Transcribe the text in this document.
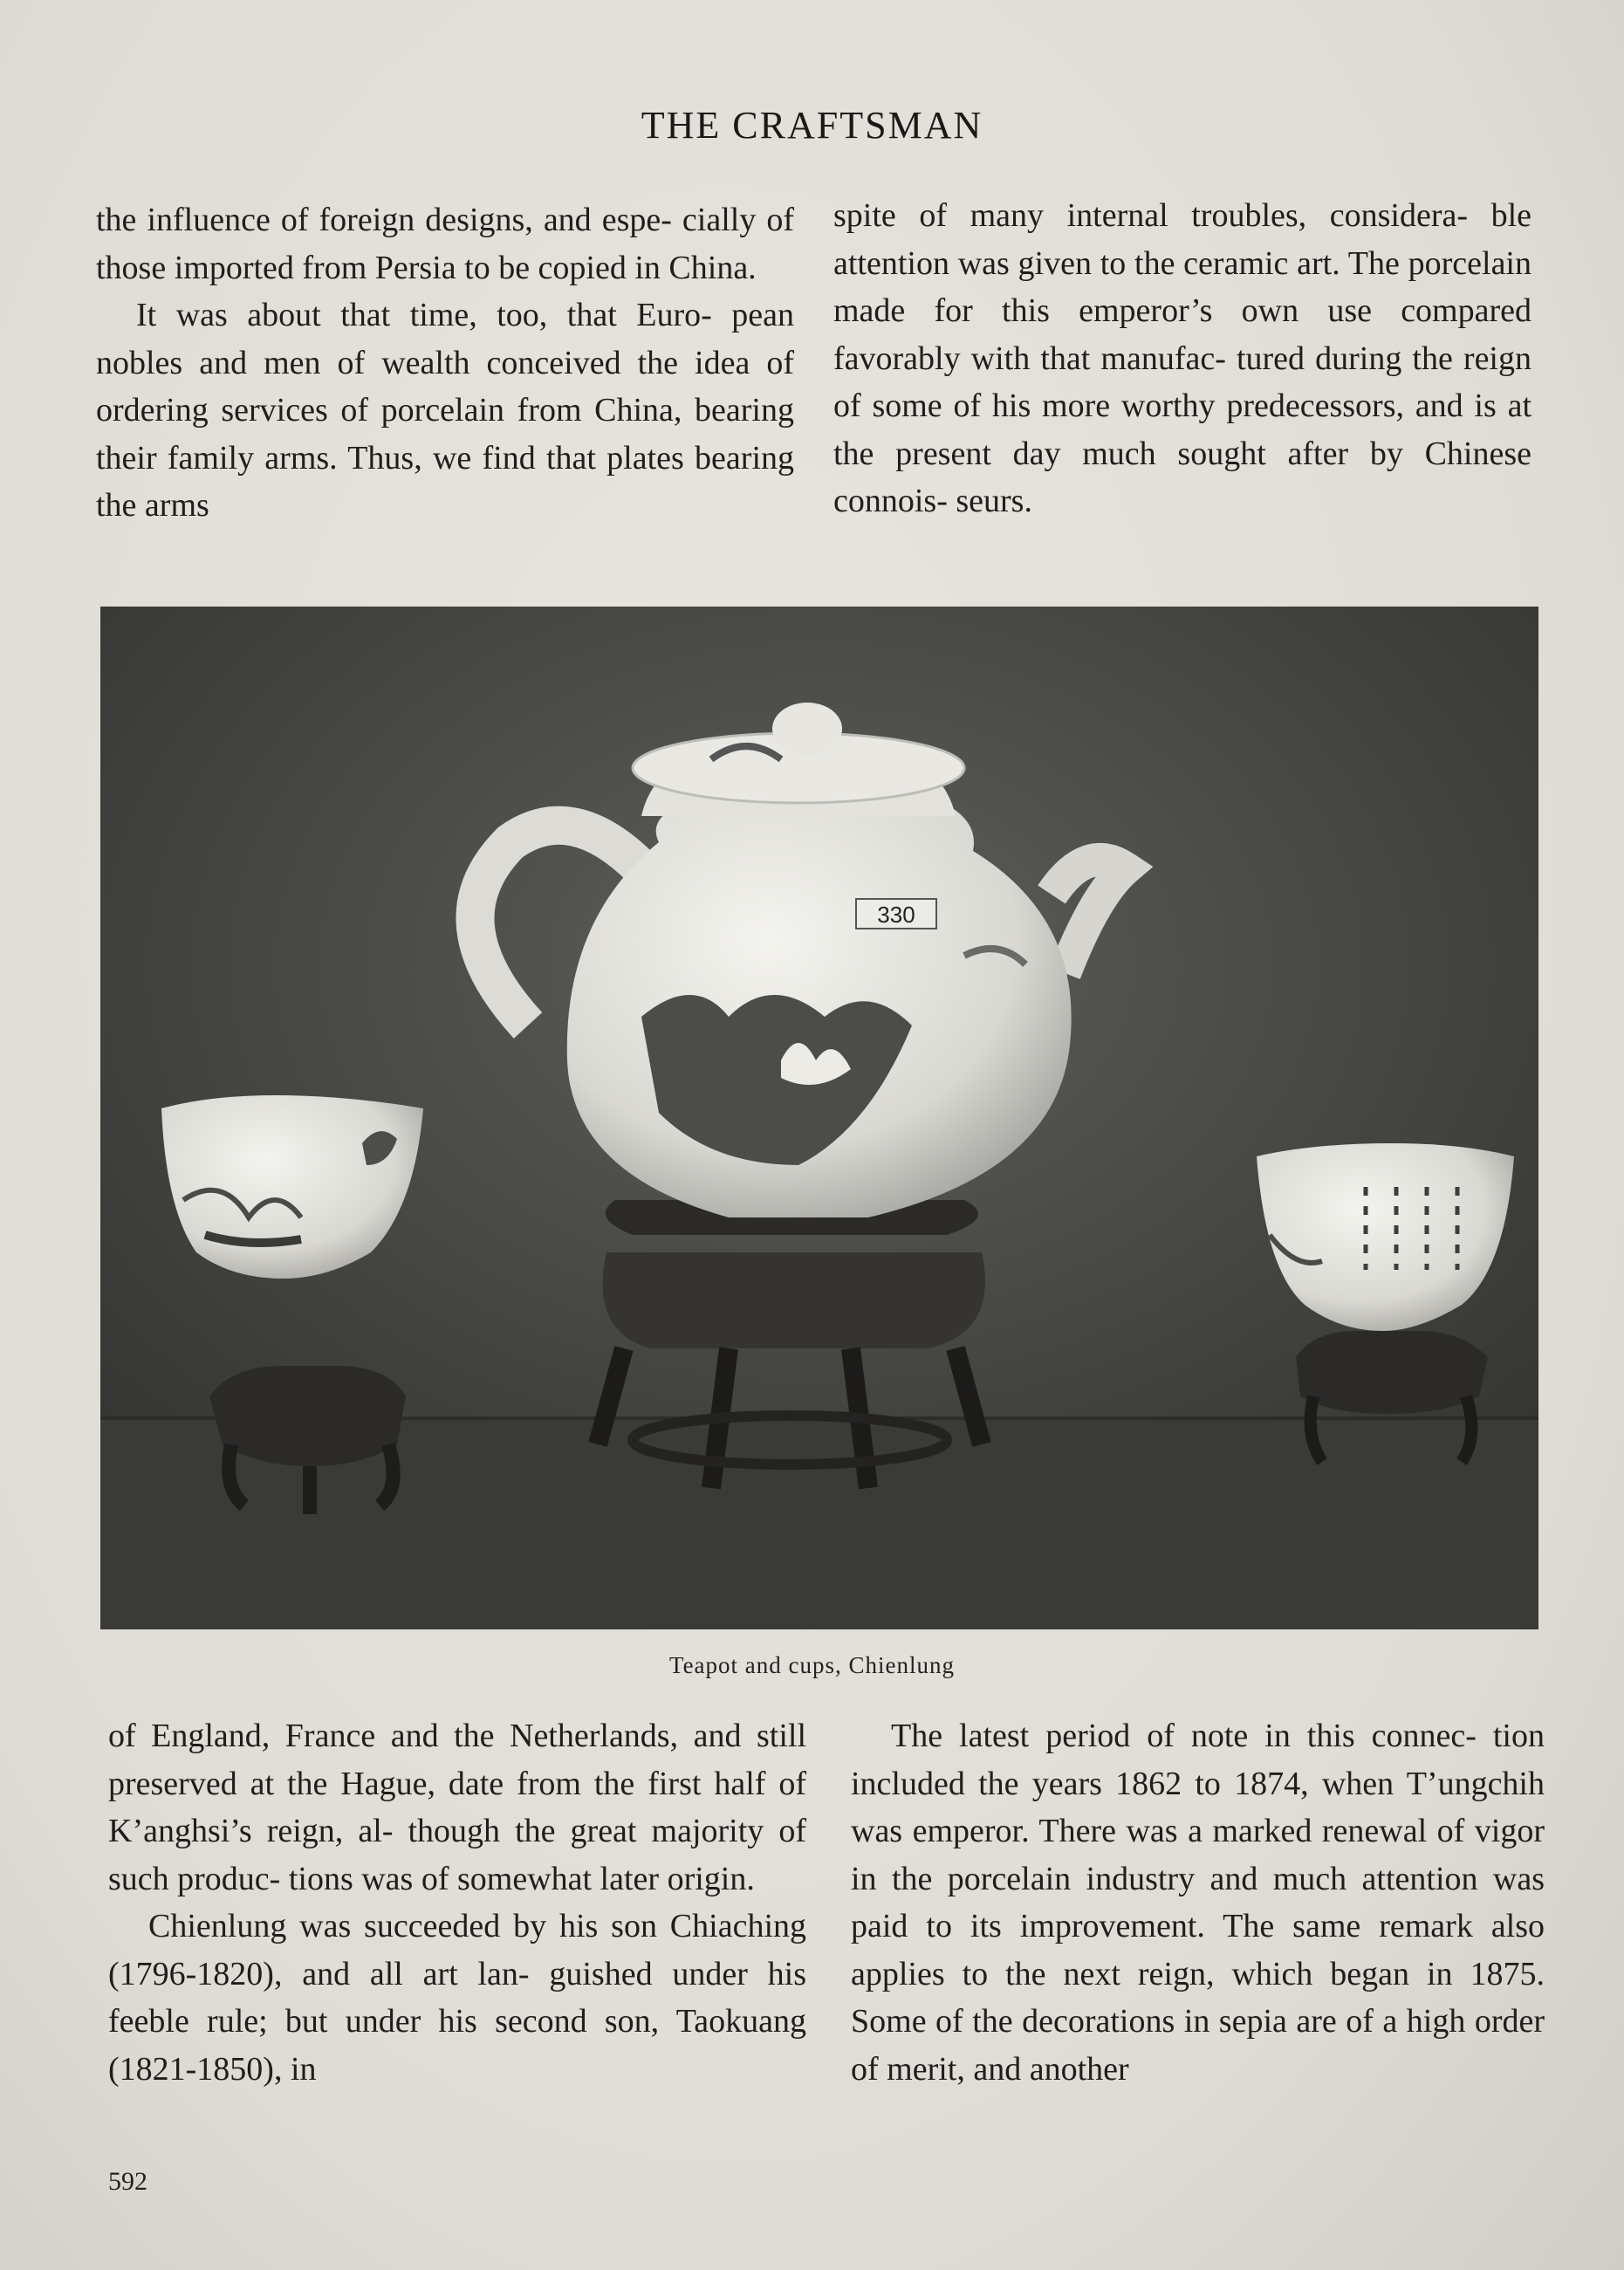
THE CRAFTSMAN

the influence of foreign designs, and espe- cially of those imported from Persia to be copied in China.

It was about that time, too, that Euro- pean nobles and men of wealth conceived the idea of ordering services of porcelain from China, bearing their family arms. Thus, we find that plates bearing the arms

spite of many internal troubles, considera- ble attention was given to the ceramic art. The porcelain made for this emperor’s own use compared favorably with that manufac- tured during the reign of some of his more worthy predecessors, and is at the present day much sought after by Chinese connois- seurs.

330
Teapot and cups, Chienlung

of England, France and the Netherlands, and still preserved at the Hague, date from the first half of K’anghsi’s reign, al- though the great majority of such produc- tions was of somewhat later origin.

Chienlung was succeeded by his son Chiaching (1796-1820), and all art lan- guished under his feeble rule; but under his second son, Taokuang (1821-1850), in

The latest period of note in this connec- tion included the years 1862 to 1874, when T’ungchih was emperor. There was a marked renewal of vigor in the porcelain industry and much attention was paid to its improvement. The same remark also applies to the next reign, which began in 1875. Some of the decorations in sepia are of a high order of merit, and another

592
